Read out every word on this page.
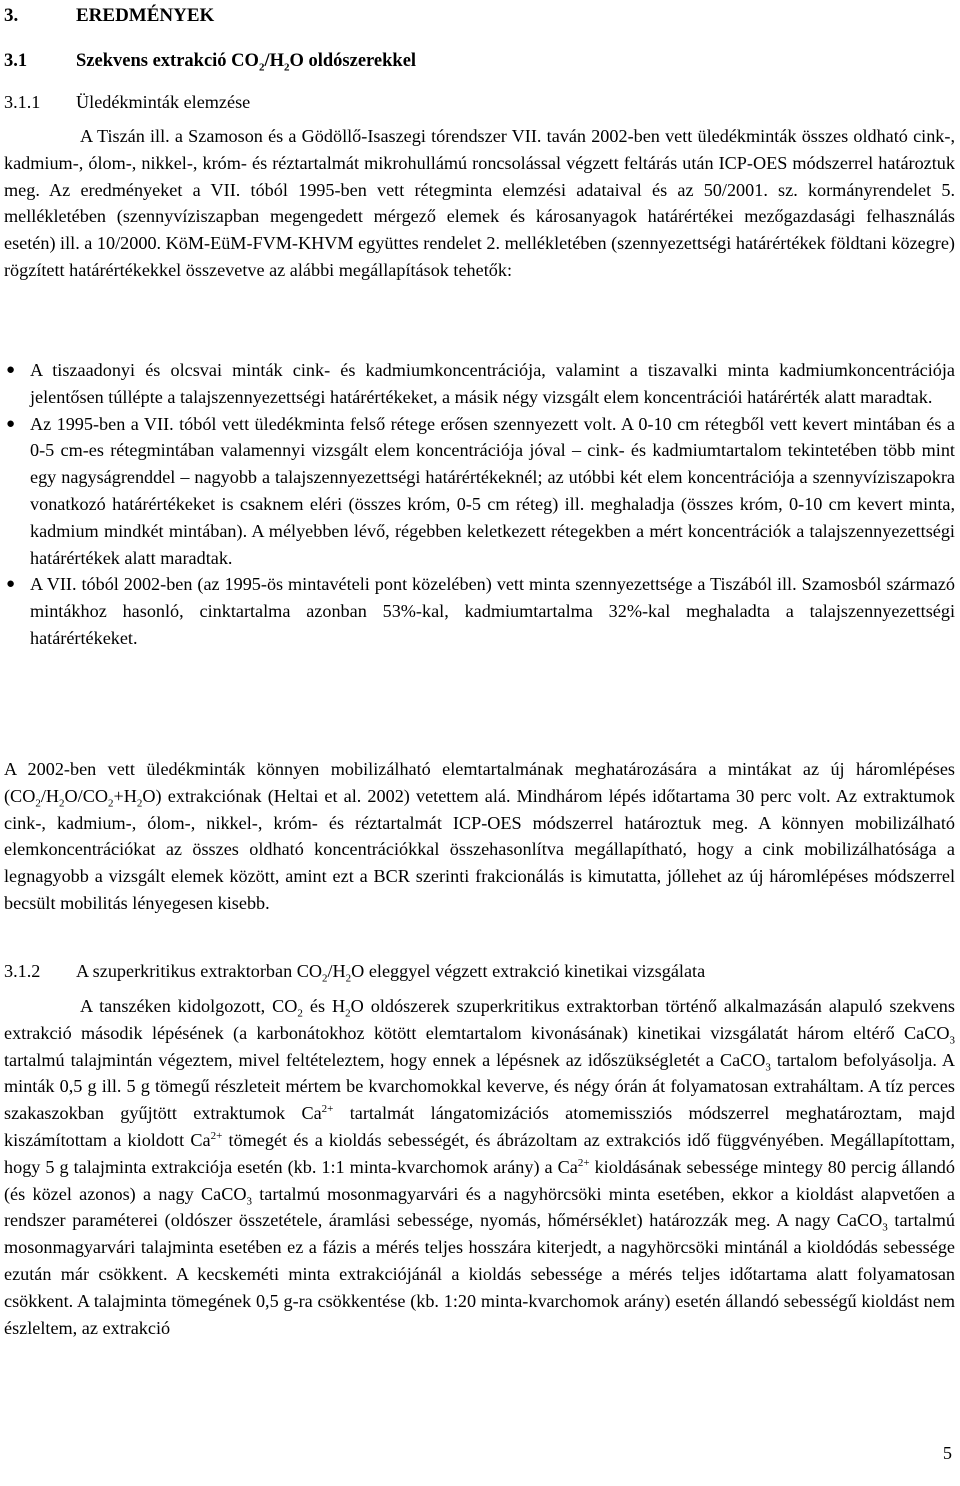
3.	EREDMÉNYEK
3.1	Szekvens extrakció $CO_2/H_2O$ oldószerekkel

3.1.1 Üledékminták elemzése

A Tiszán ill. a Szamoson és a Gödöllő-Isaszegi tórendszer VII. taván 2002-ben vett üledékminták összes oldható cink-, kadmium-, ólom-, nikkel-, króm- és réztartalmát mikrohullámú roncsolással végzett feltárás után ICP-OES módszerrel határoztuk meg. Az eredményeket a VII. tóból 1995-ben vett rétegminta elemzési adataival és az 50/2001. sz. kormányrendelet 5. mellékletében (szennyvíziszapban megengedett mérgező elemek és károsanyagok határértékei mezőgazdasági felhasználás esetén) ill. a 10/2000. KöM-EüM-FVM-KHVM együttes rendelet 2. mellékletében (szennyezettségi határértékek földtani közegre) rögzített határértékekkel összevetve az alábbi megállapítások tehetők:

● A tiszaadonyi és olcsvai minták cink- és kadmiumkoncentrációja, valamint a tiszavalki minta kadmiumkoncentrációja jelentősen túllépte a talajszennyezettségi határértékeket, a másik négy vizsgált elem koncentrációi határérték alatt maradtak.
● Az 1995-ben a VII. tóból vett üledékminta felső rétege erősen szennyezett volt. A 0-10 cm rétegből vett kevert mintában és a 0-5 cm-es rétegmintában valamennyi vizsgált elem koncentrációja jóval – cink- és kadmiumtartalom tekintetében több mint egy nagyságrenddel – nagyobb a talajszennyezettségi határértékeknél; az utóbbi két elem koncentrációja a szennyvíziszapokra vonatkozó határértékeket is csaknem eléri (összes króm, 0-5 cm réteg) ill. meghaladja (összes króm, 0-10 cm kevert minta, kadmium mindkét mintában). A mélyebben lévő, régebben keletkezett rétegekben a mért koncentrációk a talajszennyezettségi határértékek alatt maradtak.
● A VII. tóból 2002-ben (az 1995-ös mintavételi pont közelében) vett minta szennyezettsége a Tiszából ill. Szamosból származó mintákhoz hasonló, cinktartalma azonban 53%-kal, kadmiumtartalma 32%-kal meghaladta a talajszennyezettségi határértékeket.

A 2002-ben vett üledékminták könnyen mobilizálható elemtartalmának meghatározására a mintákat az új háromlépéses $(CO_2/H_2O/CO_2+H_2O)$ extrakciónak (Heltai et al. 2002) vetettem alá. Mindhárom lépés időtartama 30 perc volt. Az extraktumok cink-, kadmium-, ólom-, nikkel-, króm- és réztartalmát ICP-OES módszerrel határoztuk meg. A könnyen mobilizálható elemkoncentrációkat az összes oldható koncentrációkkal összehasonlítva megállapítható, hogy a cink mobilizálhatósága a legnagyobb a vizsgált elemek között, amint ezt a BCR szerinti frakcionálás is kimutatta, jóllehet az új háromlépéses módszerrel becsült mobilitás lényegesen kisebb.

3.1.2 A szuperkritikus extraktorban $CO_2/H_2O$ eleggyel végzett extrakció kinetikai vizsgálata

A tanszéken kidolgozott, $CO_2$ és $H_2O$ oldószerek szuperkritikus extraktorban történő alkalmazásán alapuló szekvens extrakció második lépésének (a karbonátokhoz kötött elemtartalom kivonásának) kinetikai vizsgálatát három eltérő CaCO$_3$ tartalmú talajmintán végeztem, mivel feltételeztem, hogy ennek a lépésnek az időszükségletét a CaCO$_3$ tartalom befolyásolja. A minták 0,5 g ill. 5 g tömegű részleteit mértem be kvarchomokkal keverve, és négy órán át folyamatosan extraháltam. A tíz perces szakaszokban gyűjtött extraktumok $Ca^{2+}$ tartalmát lángatomizációs atomemissziós módszerrel meghatároztam, majd kiszámítottam a kioldott $Ca^{2+}$ tömegét és a kioldás sebességét, és ábrázoltam az extrakciós idő függvényében. Megállapítottam, hogy 5 g talajminta extrakciója esetén (kb. 1:1 minta-kvarchomok arány) a $Ca^{2+}$ kioldásának sebessége mintegy 80 percig állandó (és közel azonos) a nagy CaCO$_3$ tartalmú mosonmagyarvári és a nagyhörcsöki minta esetében, ekkor a kioldást alapvetően a rendszer paraméterei (oldószer összetétele, áramlási sebessége, nyomás, hőmérséklet) határozzák meg. A nagy CaCO$_3$ tartalmú mosonmagyarvári talajminta esetében ez a fázis a mérés teljes hosszára kiterjedt, a nagyhörcsöki mintánál a kioldódás sebessége ezután már csökkent. A kecskeméti minta extrakciójánál a kioldás sebessége a mérés teljes időtartama alatt folyamatosan csökkent. A talajminta tömegének 0,5 g-ra csökkentése (kb. 1:20 minta-kvarchomok arány) esetén állandó sebességű kioldást nem észleltem, az extrakció

5
